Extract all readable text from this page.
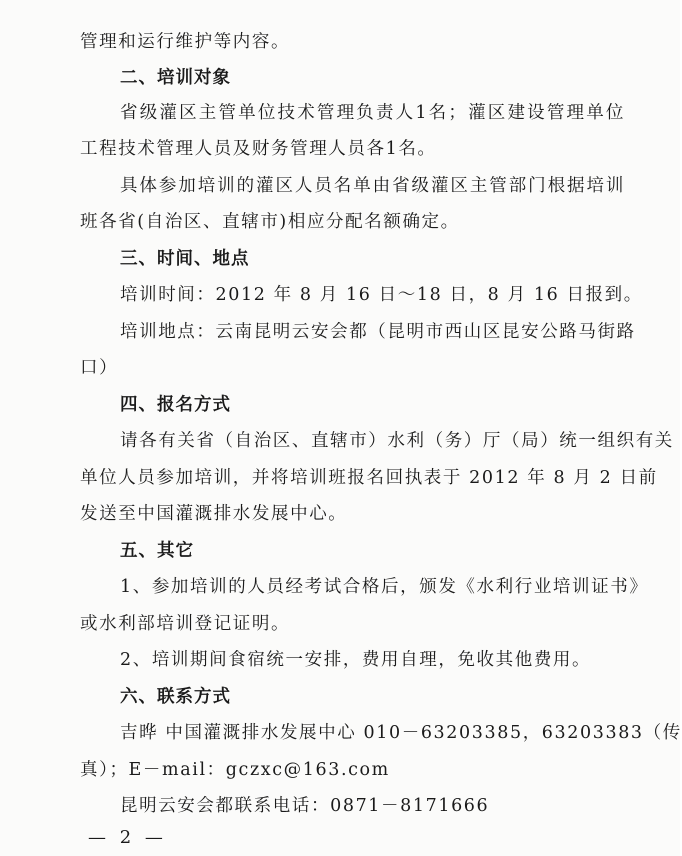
管理和运行维护等内容。
二、培训对象
省级灌区主管单位技术管理负责人1名；灌区建设管理单位
工程技术管理人员及财务管理人员各1名。
具体参加培训的灌区人员名单由省级灌区主管部门根据培训
班各省(自治区、直辖市)相应分配名额确定。
三、时间、地点
培训时间：2012 年 8 月 16 日～18 日，8 月 16 日报到。
培训地点：云南昆明云安会都（昆明市西山区昆安公路马街路
口）
四、报名方式
请各有关省（自治区、直辖市）水利（务）厅（局）统一组织有关
单位人员参加培训，并将培训班报名回执表于 2012 年 8 月 2 日前
发送至中国灌溉排水发展中心。
五、其它
1、参加培训的人员经考试合格后，颁发《水利行业培训证书》
或水利部培训登记证明。
2、培训期间食宿统一安排，费用自理，免收其他费用。
六、联系方式
吉晔 中国灌溉排水发展中心 010－63203385，63203383（传
真）；E－mail：gczxc@163.com
昆明云安会都联系电话：0871－8171666
— 2 —
